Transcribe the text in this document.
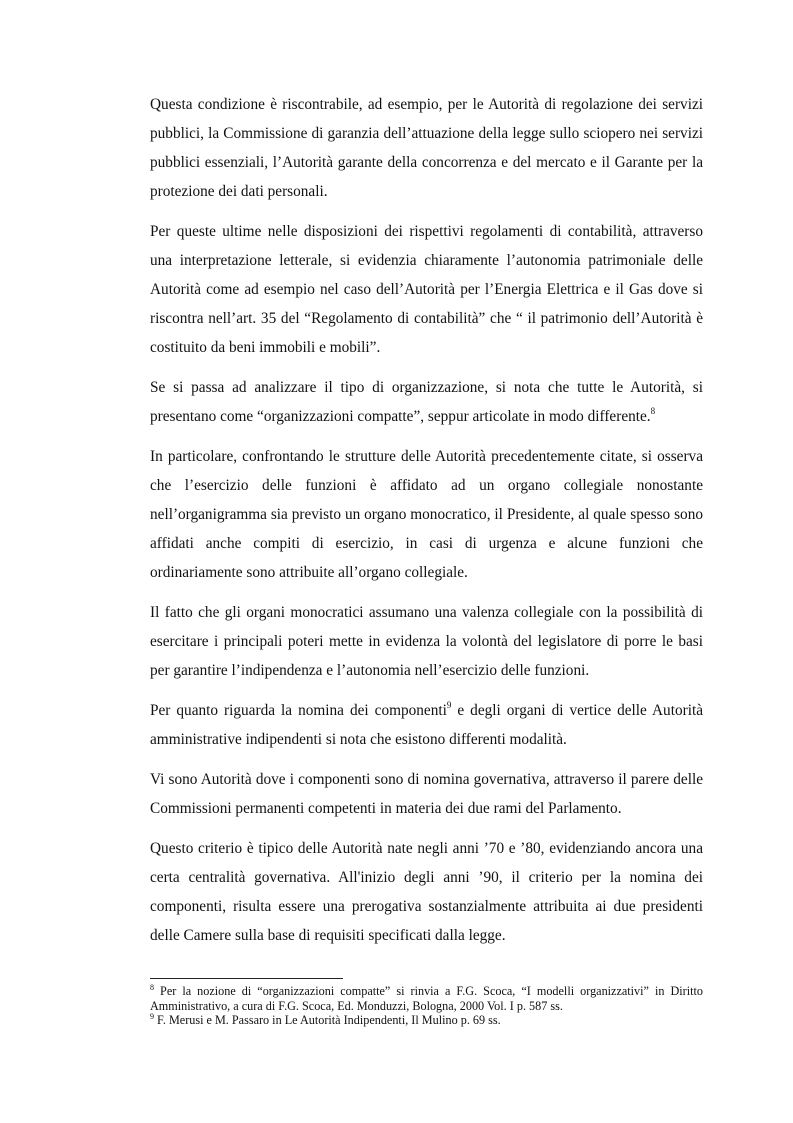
Questa condizione è riscontrabile, ad esempio, per le Autorità di regolazione dei servizi pubblici, la Commissione di garanzia dell’attuazione della legge sullo sciopero nei servizi pubblici essenziali, l’Autorità garante della concorrenza e del mercato e il Garante per la protezione dei dati personali.

Per queste ultime nelle disposizioni dei rispettivi regolamenti di contabilità, attraverso una interpretazione letterale, si evidenzia chiaramente l’autonomia patrimoniale delle Autorità come ad esempio nel caso dell’Autorità per l’Energia Elettrica e il Gas dove si riscontra nell’art. 35 del “Regolamento di contabilità” che “ il patrimonio dell’Autorità è costituito da beni immobili e mobili”.

Se si passa ad analizzare il tipo di organizzazione, si nota che tutte le Autorità, si presentano come “organizzazioni compatte”, seppur articolate in modo differente.$^8$

In particolare, confrontando le strutture delle Autorità precedentemente citate, si osserva che l’esercizio delle funzioni è affidato ad un organo collegiale nonostante nell’organigramma sia previsto un organo monocratico, il Presidente, al quale spesso sono affidati anche compiti di esercizio, in casi di urgenza e alcune funzioni che ordinariamente sono attribuite all’organo collegiale.

Il fatto che gli organi monocratici assumano una valenza collegiale con la possibilità di esercitare i principali poteri mette in evidenza la volontà del legislatore di porre le basi per garantire l’indipendenza e l’autonomia nell’esercizio delle funzioni.

Per quanto riguarda la nomina dei componenti$^9$ e degli organi di vertice delle Autorità amministrative indipendenti si nota che esistono differenti modalità.

Vi sono Autorità dove i componenti sono di nomina governativa, attraverso il parere delle Commissioni permanenti competenti in materia dei due rami del Parlamento.

Questo criterio è tipico delle Autorità nate negli anni ’70 e ’80, evidenziando ancora una certa centralità governativa. All'inizio degli anni ’90, il criterio per la nomina dei componenti, risulta essere una prerogativa sostanzialmente attribuita ai due presidenti delle Camere sulla base di requisiti specificati dalla legge.

$^8$ Per la nozione di “organizzazioni compatte” si rinvia a F.G. Scoca, “I modelli organizzativi” in Diritto Amministrativo, a cura di F.G. Scoca, Ed. Monduzzi, Bologna, 2000 Vol. I p. 587 ss.

$^9$ F. Merusi e M. Passaro in Le Autorità Indipendenti, Il Mulino p. 69 ss.
